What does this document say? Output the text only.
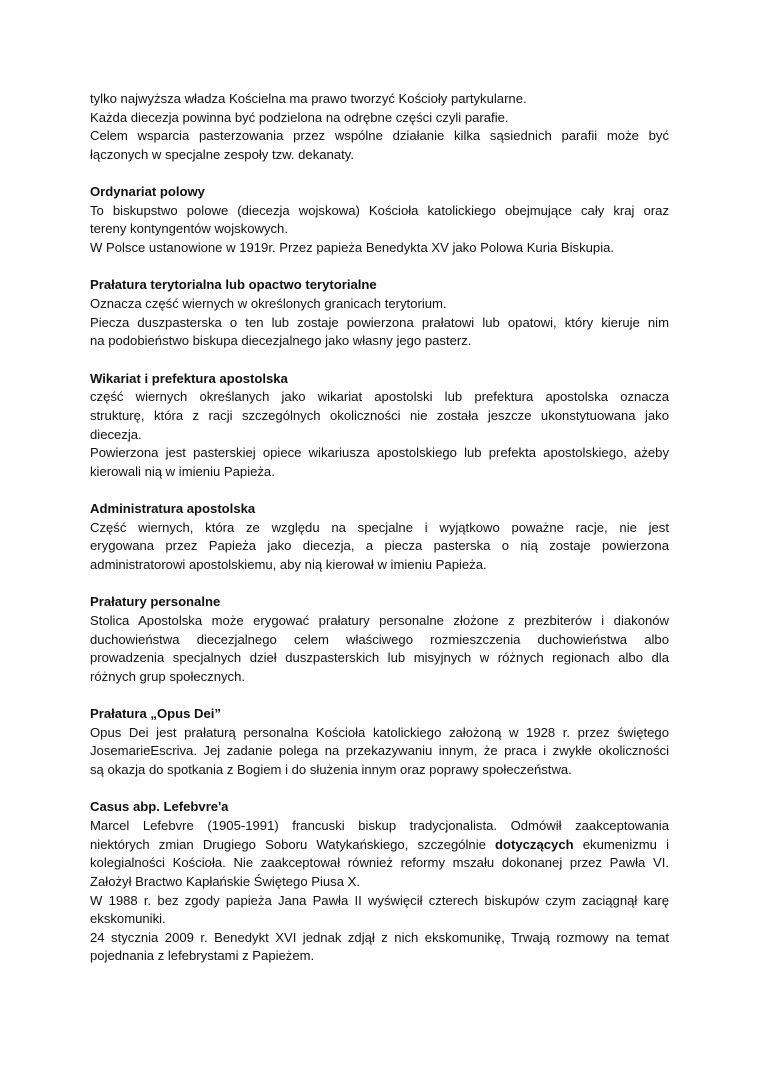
tylko najwyższa władza Kościelna ma prawo tworzyć Kościoły partykularne.
Każda diecezja powinna być podzielona na odrębne części czyli parafie.
Celem wsparcia pasterzowania przez wspólne działanie kilka sąsiednich parafii może być
łączonych w specjalne zespoły tzw. dekanaty.
Ordynariat polowy
To biskupstwo polowe (diecezja wojskowa) Kościoła katolickiego obejmujące cały kraj oraz
tereny kontyngentów wojskowych.
W Polsce ustanowione w 1919r. Przez papieża Benedykta XV jako Polowa Kuria Biskupia.
Prałatura terytorialna lub opactwo terytorialne
Oznacza część wiernych w określonych granicach terytorium.
Piecza duszpasterska o ten lub zostaje powierzona prałatowi lub opatowi, który kieruje nim
na podobieństwo biskupa diecezjalnego jako własny jego pasterz.
Wikariat i prefektura apostolska
część wiernych określanych jako wikariat apostolski lub prefektura apostolska oznacza
strukturę, która z racji szczególnych okoliczności nie została jeszcze ukonstytuowana jako
diecezja.
Powierzona jest pasterskiej opiece wikariusza apostolskiego lub prefekta apostolskiego, ażeby
kierowali nią w imieniu Papieża.
Administratura apostolska
Część wiernych, która ze względu na specjalne i wyjątkowo poważne racje, nie jest
erygowana przez Papieża jako diecezja, a piecza pasterska o nią zostaje powierzona
administratorowi apostolskiemu, aby nią kierował w imieniu Papieża.
Prałatury personalne
Stolica Apostolska może erygować prałatury personalne złożone z prezbiterów i diakonów
duchowieństwa diecezjalnego celem właściwego rozmieszczenia duchowieństwa albo
prowadzenia specjalnych dzieł duszpasterskich lub misyjnych w różnych regionach albo dla
różnych grup społecznych.
Prałatura „Opus Dei”
Opus Dei jest prałaturą personalna Kościoła katolickiego założoną w 1928 r. przez świętego
JosemarieEscriva. Jej zadanie polega na przekazywaniu innym, że praca i zwykłe okoliczności
są okazja do spotkania z Bogiem i do służenia innym oraz poprawy społeczeństwa.
Casus abp. Lefebvre'a
Marcel Lefebvre (1905-1991) francuski biskup tradycjonalista. Odmówił zaakceptowania
niektórych zmian Drugiego Soboru Watykańskiego, szczególnie dotyczących ekumenizmu i
kolegialności Kościoła. Nie zaakceptował również reformy mszału dokonanej przez Pawła VI.
Założył Bractwo Kapłańskie Świętego Piusa X.
W 1988 r. bez zgody papieża Jana Pawła II wyświęcił czterech biskupów czym zaciągnął karę
ekskomuniki.
24 stycznia 2009 r. Benedykt XVI jednak zdjął z nich ekskomunikę, Trwają rozmowy na temat
pojednania z lefebrystami z Papieżem.
